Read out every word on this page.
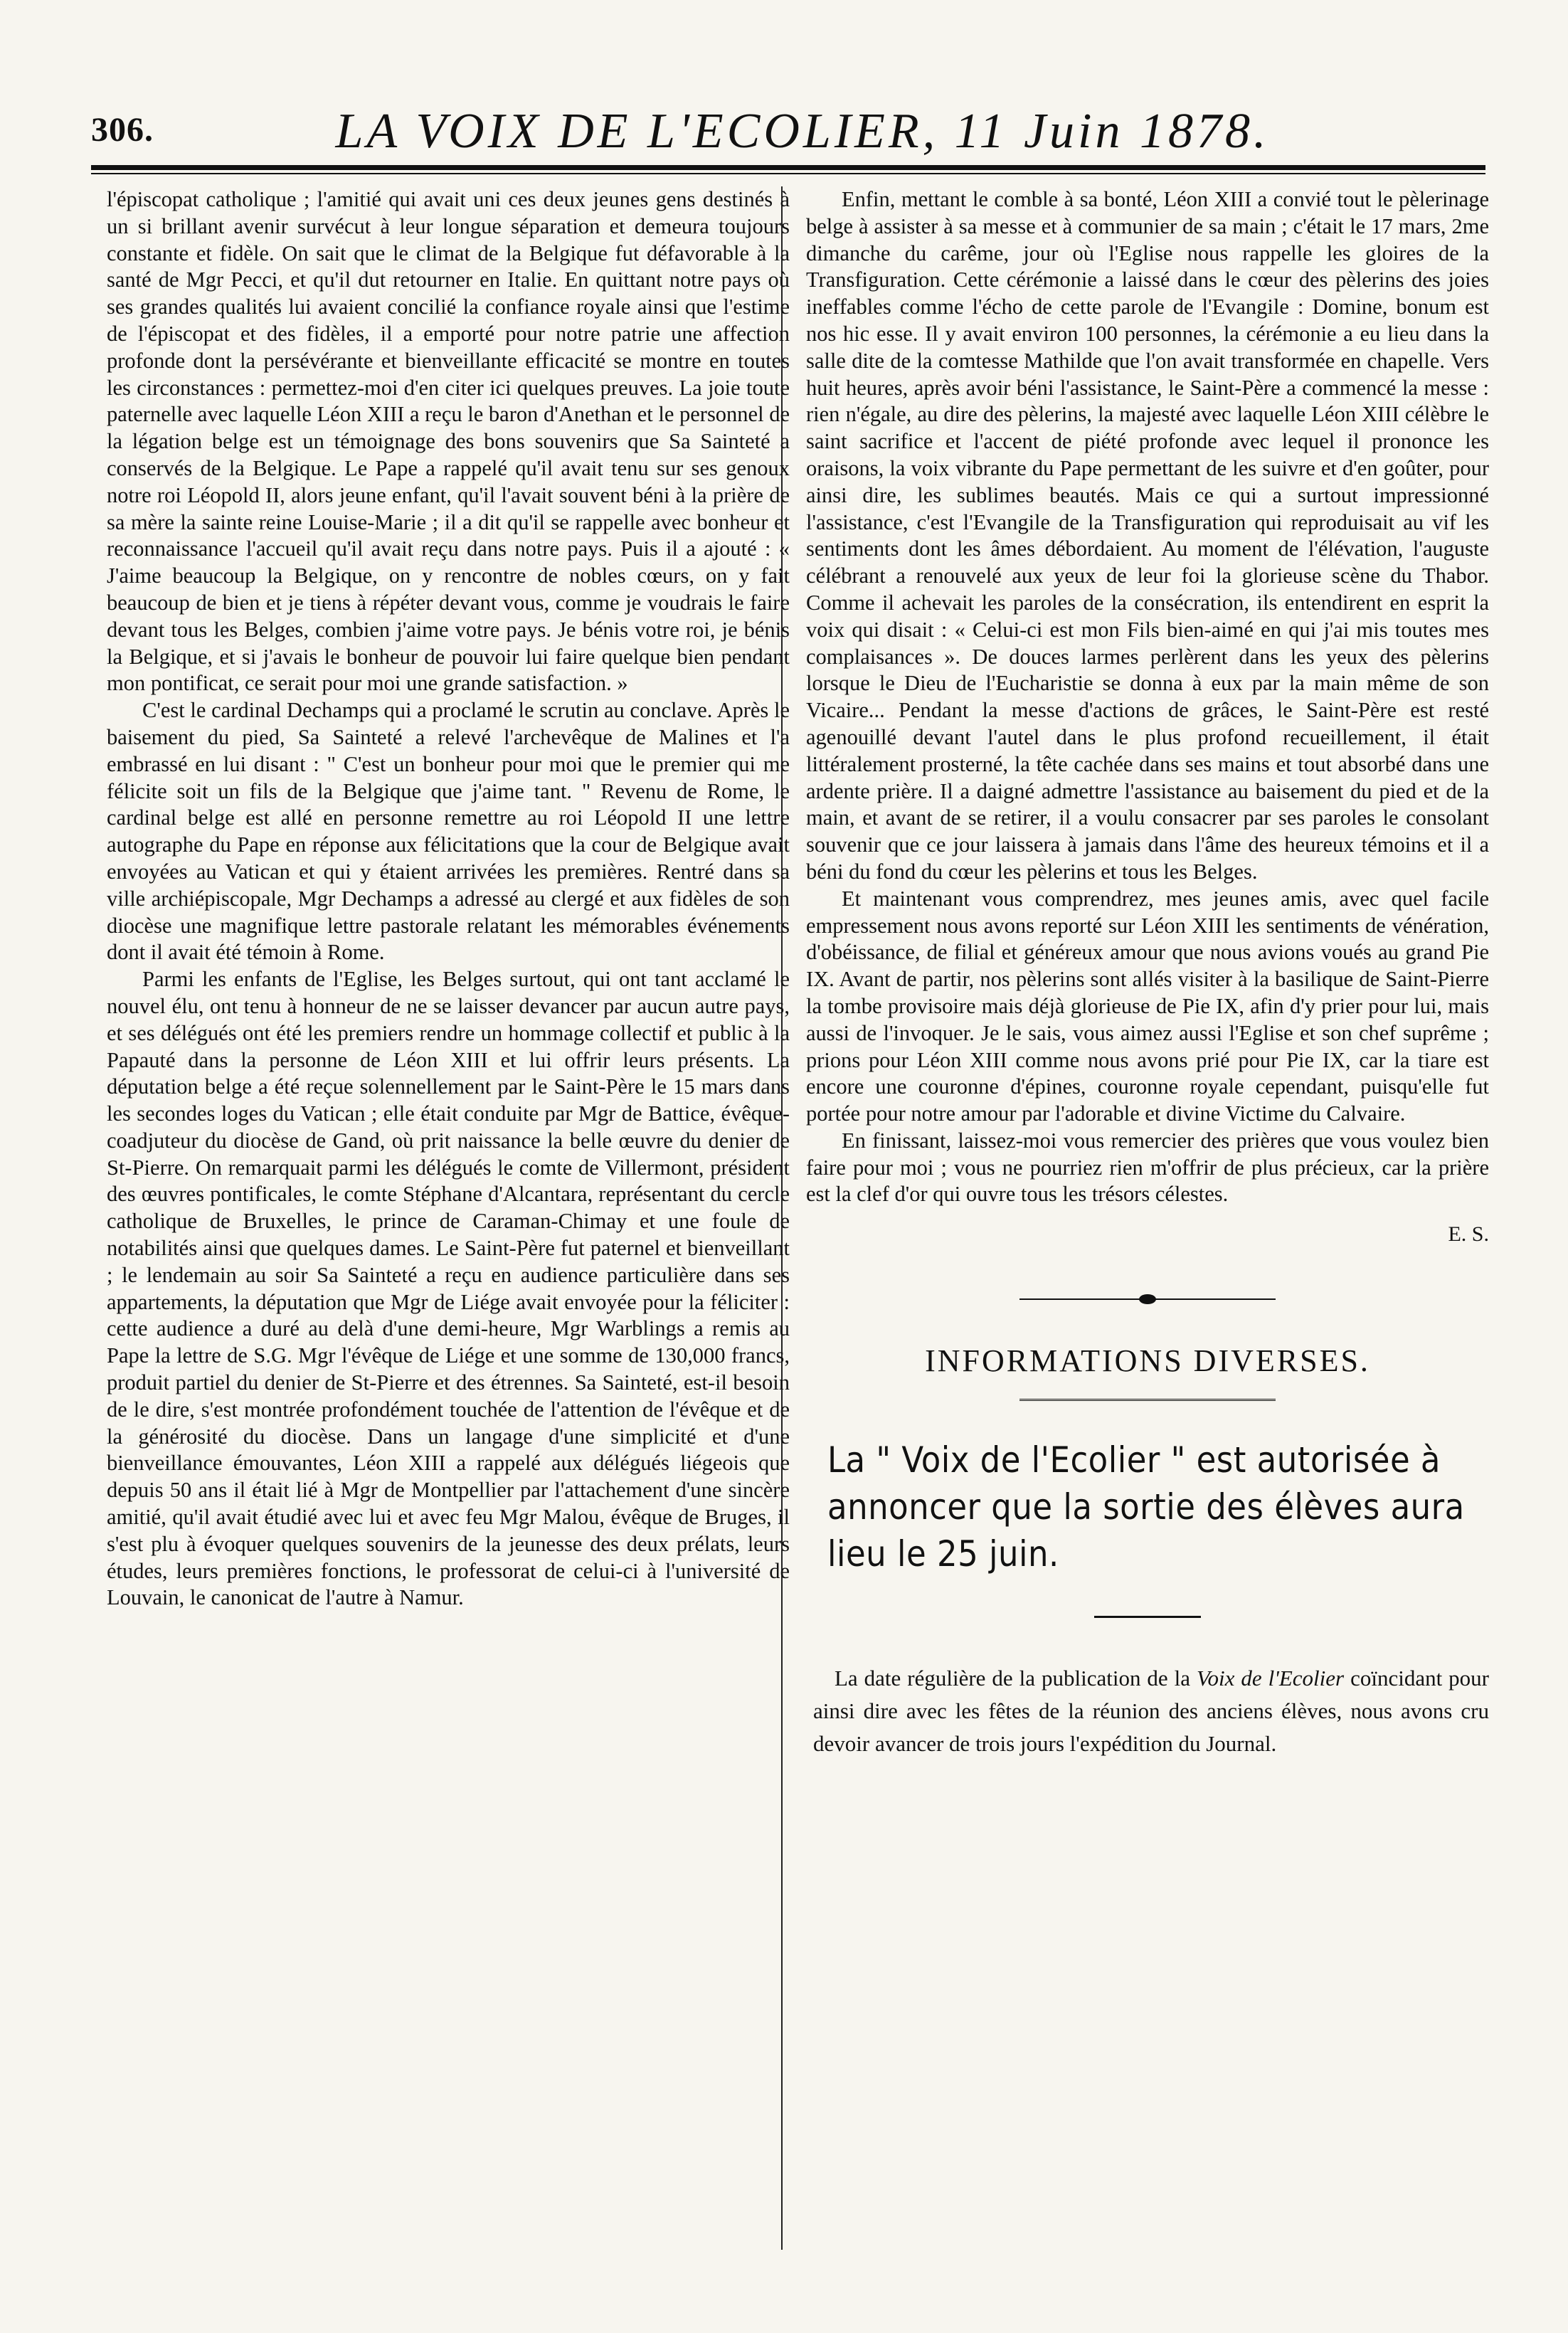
306.	LA VOIX DE L'ECOLIER, 11 Juin 1878.

l'épiscopat catholique ; l'amitié qui avait uni ces deux jeunes gens destinés à un si brillant avenir survécut à leur longue séparation et demeura toujours constante et fidèle. On sait que le climat de la Belgique fut défavorable à la santé de Mgr Pecci, et qu'il dut retourner en Italie. En quittant notre pays où ses grandes qualités lui avaient concilié la confiance royale ainsi que l'estime de l'épiscopat et des fidèles, il a emporté pour notre patrie une affection profonde dont la persévérante et bienveillante efficacité se montre en toutes les circonstances : permettez-moi d'en citer ici quelques preuves. La joie toute paternelle avec laquelle Léon XIII a reçu le baron d'Anethan et le personnel de la légation belge est un témoignage des bons souvenirs que Sa Sainteté a conservés de la Belgique. Le Pape a rappelé qu'il avait tenu sur ses genoux notre roi Léopold II, alors jeune enfant, qu'il l'avait souvent béni à la prière de sa mère la sainte reine Louise-Marie ; il a dit qu'il se rappelle avec bonheur et reconnaissance l'accueil qu'il avait reçu dans notre pays. Puis il a ajouté : « J'aime beaucoup la Belgique, on y rencontre de nobles cœurs, on y fait beaucoup de bien et je tiens à répéter devant vous, comme je voudrais le faire devant tous les Belges, combien j'aime votre pays. Je bénis votre roi, je bénis la Belgique, et si j'avais le bonheur de pouvoir lui faire quelque bien pendant mon pontificat, ce serait pour moi une grande satisfaction. »

C'est le cardinal Dechamps qui a proclamé le scrutin au conclave. Après le baisement du pied, Sa Sainteté a relevé l'archevêque de Malines et l'a embrassé en lui disant : " C'est un bonheur pour moi que le premier qui me félicite soit un fils de la Belgique que j'aime tant. " Revenu de Rome, le cardinal belge est allé en personne remettre au roi Léopold II une lettre autographe du Pape en réponse aux félicitations que la cour de Belgique avait envoyées au Vatican et qui y étaient arrivées les premières. Rentré dans sa ville archiépiscopale, Mgr Dechamps a adressé au clergé et aux fidèles de son diocèse une magnifique lettre pastorale relatant les mémorables événements dont il avait été témoin à Rome.

Parmi les enfants de l'Eglise, les Belges surtout, qui ont tant acclamé le nouvel élu, ont tenu à honneur de ne se laisser devancer par aucun autre pays, et ses délégués ont été les premiers rendre un hommage collectif et public à la Papauté dans la personne de Léon XIII et lui offrir leurs présents. La députation belge a été reçue solennellement par le Saint-Père le 15 mars dans les secondes loges du Vatican ; elle était conduite par Mgr de Battice, évêque-coadjuteur du diocèse de Gand, où prit naissance la belle œuvre du denier de St-Pierre. On remarquait parmi les délégués le comte de Villermont, président des œuvres pontificales, le comte Stéphane d'Alcantara, représentant du cercle catholique de Bruxelles, le prince de Caraman-Chimay et une foule de notabilités ainsi que quelques dames. Le Saint-Père fut paternel et bienveillant ; le lendemain au soir Sa Sainteté a reçu en audience particulière dans ses appartements, la députation que Mgr de Liége avait envoyée pour la féliciter : cette audience a duré au delà d'une demi-heure, Mgr Warblings a remis au Pape la lettre de S.G. Mgr l'évêque de Liége et une somme de 130,000 francs, produit partiel du denier de St-Pierre et des étrennes. Sa Sainteté, est-il besoin de le dire, s'est montrée profondément touchée de l'attention de l'évêque et de la générosité du diocèse. Dans un langage d'une simplicité et d'une bienveillance émouvantes, Léon XIII a rappelé aux délégués liégeois que depuis 50 ans il était lié à Mgr de Montpellier par l'attachement d'une sincère amitié, qu'il avait étudié avec lui et avec feu Mgr Malou, évêque de Bruges, il s'est plu à évoquer quelques souvenirs de la jeunesse des deux prélats, leurs études, leurs premières fonctions, le professorat de celui-ci à l'université de Louvain, le canonicat de l'autre à Namur.

Enfin, mettant le comble à sa bonté, Léon XIII a convié tout le pèlerinage belge à assister à sa messe et à communier de sa main ; c'était le 17 mars, 2me dimanche du carême, jour où l'Eglise nous rappelle les gloires de la Transfiguration. Cette cérémonie a laissé dans le cœur des pèlerins des joies ineffables comme l'écho de cette parole de l'Evangile : Domine, bonum est nos hic esse. Il y avait environ 100 personnes, la cérémonie a eu lieu dans la salle dite de la comtesse Mathilde que l'on avait transformée en chapelle. Vers huit heures, après avoir béni l'assistance, le Saint-Père a commencé la messe : rien n'égale, au dire des pèlerins, la majesté avec laquelle Léon XIII célèbre le saint sacrifice et l'accent de piété profonde avec lequel il prononce les oraisons, la voix vibrante du Pape permettant de les suivre et d'en goûter, pour ainsi dire, les sublimes beautés. Mais ce qui a surtout impressionné l'assistance, c'est l'Evangile de la Transfiguration qui reproduisait au vif les sentiments dont les âmes débordaient. Au moment de l'élévation, l'auguste célébrant a renouvelé aux yeux de leur foi la glorieuse scène du Thabor. Comme il achevait les paroles de la consécration, ils entendirent en esprit la voix qui disait : « Celui-ci est mon Fils bien-aimé en qui j'ai mis toutes mes complaisances ». De douces larmes perlèrent dans les yeux des pèlerins lorsque le Dieu de l'Eucharistie se donna à eux par la main même de son Vicaire... Pendant la messe d'actions de grâces, le Saint-Père est resté agenouillé devant l'autel dans le plus profond recueillement, il était littéralement prosterné, la tête cachée dans ses mains et tout absorbé dans une ardente prière. Il a daigné admettre l'assistance au baisement du pied et de la main, et avant de se retirer, il a voulu consacrer par ses paroles le consolant souvenir que ce jour laissera à jamais dans l'âme des heureux témoins et il a béni du fond du cœur les pèlerins et tous les Belges.

Et maintenant vous comprendrez, mes jeunes amis, avec quel facile empressement nous avons reporté sur Léon XIII les sentiments de vénération, d'obéissance, de filial et généreux amour que nous avions voués au grand Pie IX. Avant de partir, nos pèlerins sont allés visiter à la basilique de Saint-Pierre la tombe provisoire mais déjà glorieuse de Pie IX, afin d'y prier pour lui, mais aussi de l'invoquer. Je le sais, vous aimez aussi l'Eglise et son chef suprême ; prions pour Léon XIII comme nous avons prié pour Pie IX, car la tiare est encore une couronne d'épines, couronne royale cependant, puisqu'elle fut portée pour notre amour par l'adorable et divine Victime du Calvaire.

En finissant, laissez-moi vous remercier des prières que vous voulez bien faire pour moi ; vous ne pourriez rien m'offrir de plus précieux, car la prière est la clef d'or qui ouvre tous les trésors célestes.

E. S.
INFORMATIONS DIVERSES.
La " Voix de l'Ecolier " est autorisée à annoncer que la sortie des élèves aura lieu le 25 juin.

La date régulière de la publication de la Voix de l'Ecolier coïncidant pour ainsi dire avec les fêtes de la réunion des anciens élèves, nous avons cru devoir avancer de trois jours l'expédition du Journal.
